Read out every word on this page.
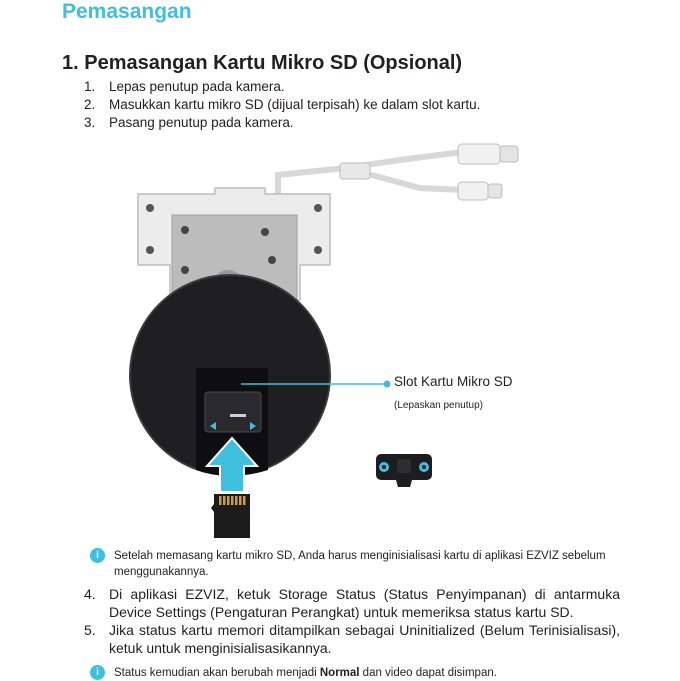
Pemasangan
1. Pemasangan Kartu Mikro SD (Opsional)
1.	Lepas penutup pada kamera.
2.	Masukkan kartu mikro SD (dijual terpisah) ke dalam slot kartu.
3.	Pasang penutup pada kamera.
Slot Kartu Mikro SD
(Lepaskan penutup)
i	Setelah memasang kartu mikro SD, Anda harus menginisialisasi kartu di aplikasi EZVIZ sebelum menggunakannya.
4. Di aplikasi EZVIZ, ketuk Storage Status (Status Penyimpanan) di antarmuka Device Settings (Pengaturan Perangkat) untuk memeriksa status kartu SD.
5. Jika status kartu memori ditampilkan sebagai Uninitialized (Belum Terinisialisasi), ketuk untuk menginisialisasikannya.
i	Status kemudian akan berubah menjadi Normal dan video dapat disimpan.
